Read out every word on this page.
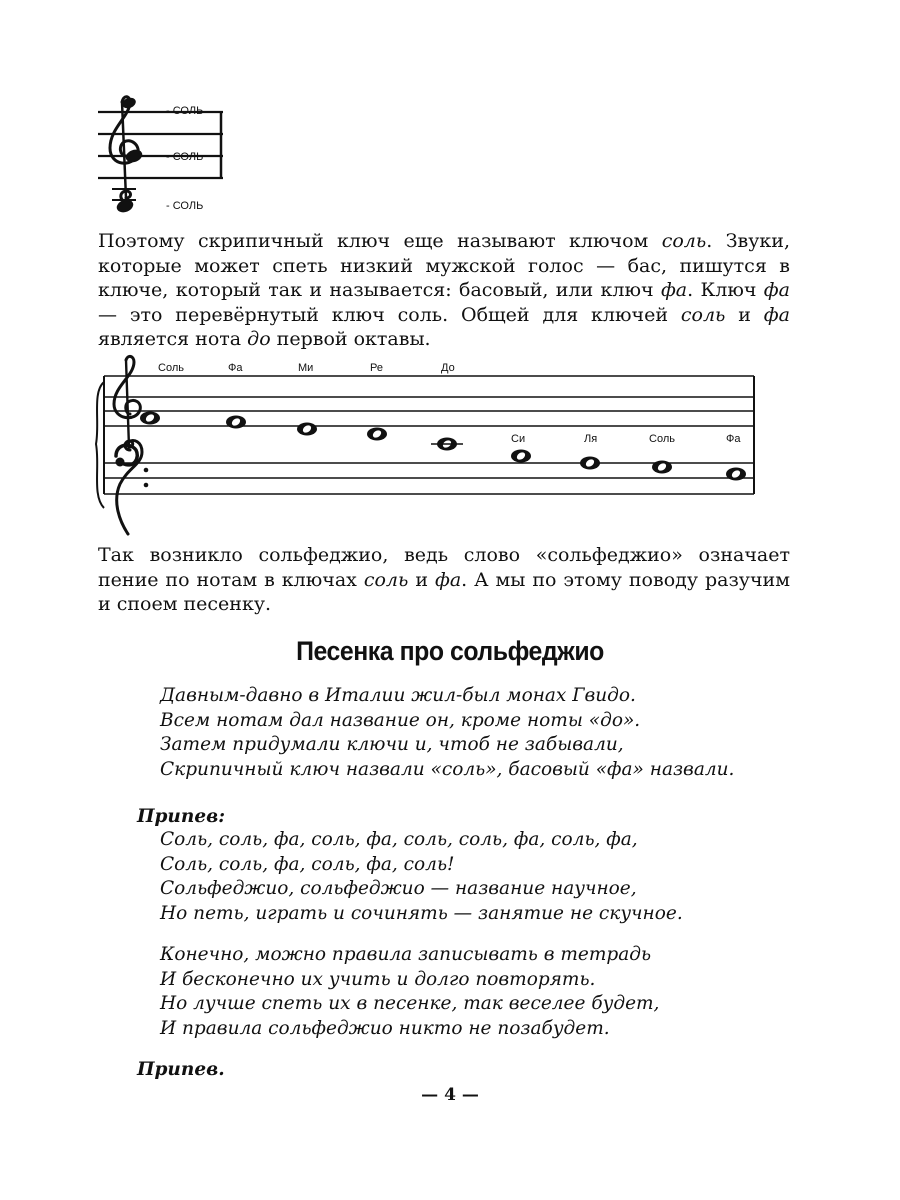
- СОЛЬ
- СОЛЬ
- СОЛЬ
Поэтому скрипичный ключ еще называют ключом соль. Звуки, которые может спеть низкий мужской голос — бас, пишутся в ключе, который так и называется: басовый, или ключ фа. Ключ фа — это перевёрнутый ключ соль. Общей для ключей соль и фа является нота до первой октавы.
Соль	Фа	Ми	Ре	До
Си	Ля	Соль	Фа
Так возникло сольфеджио, ведь слово «сольфеджио» означает пение по нотам в ключах соль и фа. А мы по этому поводу разучим и споем песенку.
Песенка про сольфеджио
Давным-давно в Италии жил-был монах Гвидо.
Всем нотам дал название он, кроме ноты «до».
Затем придумали ключи и, чтоб не забывали,
Скрипичный ключ назвали «соль», басовый «фа» назвали.
Припев:
Соль, соль, фа, соль, фа, соль, соль, фа, соль, фа,
Соль, соль, фа, соль, фа, соль!
Сольфеджио, сольфеджио — название научное,
Но петь, играть и сочинять — занятие не скучное.
Конечно, можно правила записывать в тетрадь
И бесконечно их учить и долго повторять.
Но лучше спеть их в песенке, так веселее будет,
И правила сольфеджио никто не позабудет.
Припев.
— 4 —
